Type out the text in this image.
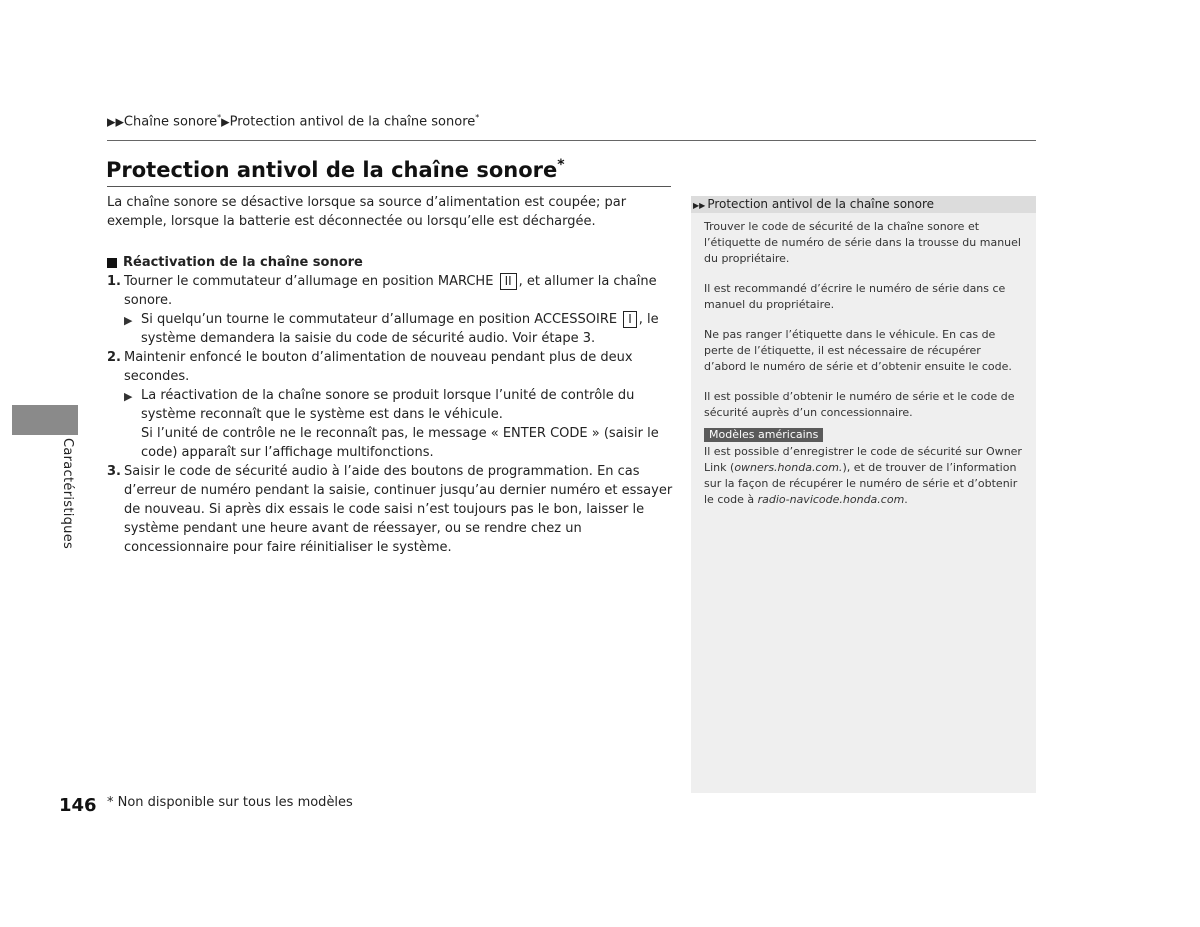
▶▶Chaîne sonore*▶Protection antivol de la chaîne sonore*
Protection antivol de la chaîne sonore*

La chaîne sonore se désactive lorsque sa source d’alimentation est coupée; par exemple, lorsque la batterie est déconnectée ou lorsqu’elle est déchargée.

Réactivation de la chaîne sonore

1. Tourner le commutateur d’allumage en position MARCHE II , et allumer la chaîne sonore.
▶ Si quelqu’un tourne le commutateur d’allumage en position ACCESSOIRE I , le système demandera la saisie du code de sécurité audio. Voir étape 3.
2. Maintenir enfoncé le bouton d’alimentation de nouveau pendant plus de deux secondes.
▶ La réactivation de la chaîne sonore se produit lorsque l’unité de contrôle du système reconnaît que le système est dans le véhicule.
Si l’unité de contrôle ne le reconnaît pas, le message « ENTER CODE » (saisir le code) apparaît sur l’affichage multifonctions.
3. Saisir le code de sécurité audio à l’aide des boutons de programmation. En cas d’erreur de numéro pendant la saisie, continuer jusqu’au dernier numéro et essayer de nouveau. Si après dix essais le code saisi n’est toujours pas le bon, laisser le système pendant une heure avant de réessayer, ou se rendre chez un concessionnaire pour faire réinitialiser le système.
▶▶ Protection antivol de la chaîne sonore

Trouver le code de sécurité de la chaîne sonore et l’étiquette de numéro de série dans la trousse du manuel du propriétaire.

Il est recommandé d’écrire le numéro de série dans ce manuel du propriétaire.

Ne pas ranger l’étiquette dans le véhicule. En cas de perte de l’étiquette, il est nécessaire de récupérer d’abord le numéro de série et d’obtenir ensuite le code.

Il est possible d’obtenir le numéro de série et le code de sécurité auprès d’un concessionnaire.

Modèles américains

Il est possible d’enregistrer le code de sécurité sur Owner Link (owners.honda.com.), et de trouver de l’information sur la façon de récupérer le numéro de série et d’obtenir le code à radio-navicode.honda.com.

Caractéristiques
146 * Non disponible sur tous les modèles
